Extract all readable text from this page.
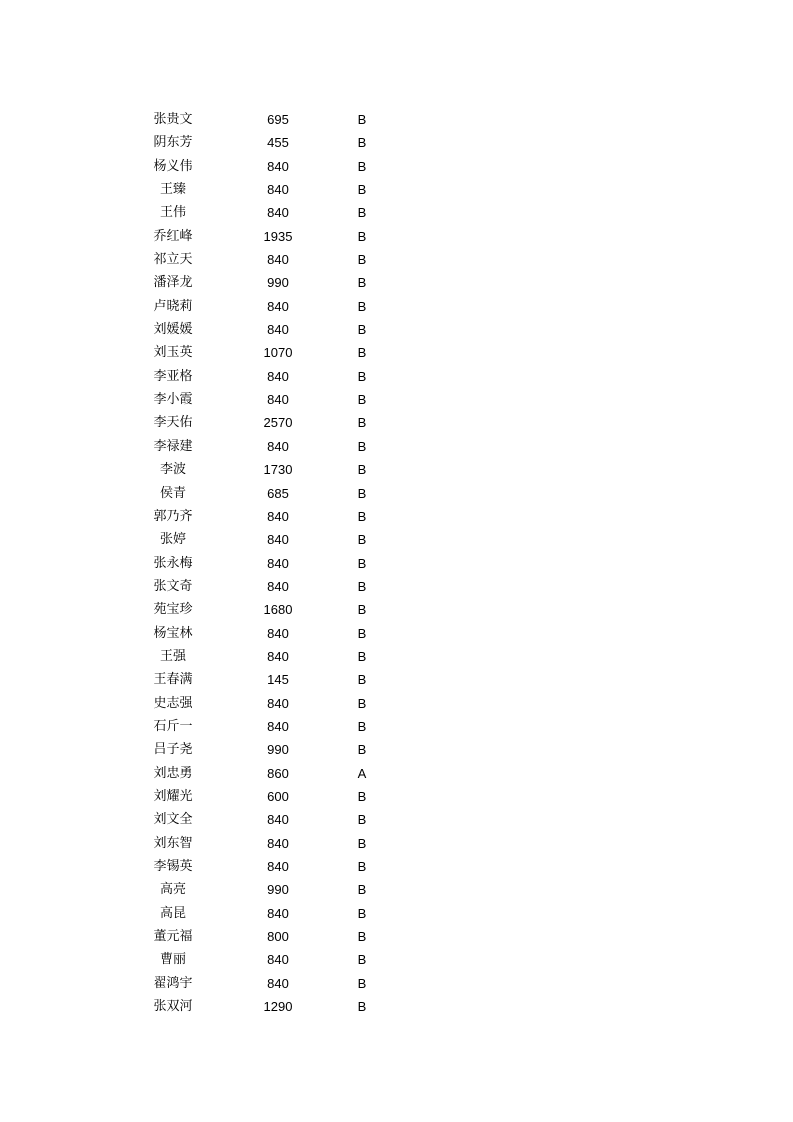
张贵文	695	B
阴东芳	455	B
杨义伟	840	B
王臻	840	B
王伟	840	B
乔红峰	1935	B
祁立天	840	B
潘泽龙	990	B
卢晓莉	840	B
刘媛媛	840	B
刘玉英	1070	B
李亚格	840	B
李小霞	840	B
李天佑	2570	B
李禄建	840	B
李波	1730	B
侯青	685	B
郭乃齐	840	B
张婷	840	B
张永梅	840	B
张文奇	840	B
苑宝珍	1680	B
杨宝林	840	B
王强	840	B
王春满	145	B
史志强	840	B
石斤一	840	B
吕子尧	990	B
刘忠勇	860	A
刘耀光	600	B
刘文全	840	B
刘东智	840	B
李锡英	840	B
高亮	990	B
高昆	840	B
董元福	800	B
曹丽	840	B
翟鸿宇	840	B
张双河	1290	B
